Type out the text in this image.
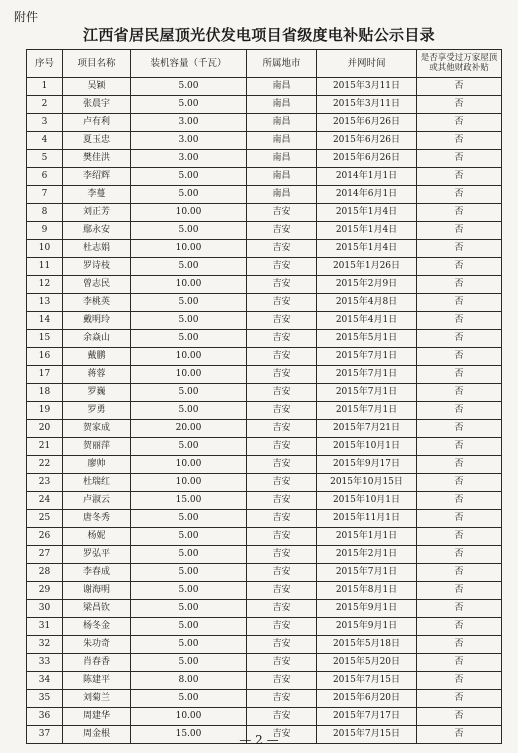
附件
江西省居民屋顶光伏发电项目省级度电补贴公示目录
序号	项目名称	装机容量（千瓦）	所属地市	并网时间	是否享受过万家屋顶或其他财政补贴
1	吴颖	5.00	南昌	2015年3月11日	否
2	张晨宇	5.00	南昌	2015年3月11日	否
3	卢有利	3.00	南昌	2015年6月26日	否
4	夏玉忠	3.00	南昌	2015年6月26日	否
5	樊佳洪	3.00	南昌	2015年6月26日	否
6	李绍辉	5.00	南昌	2014年1月1日	否
7	李蔓	5.00	南昌	2014年6月1日	否
8	刘正芳	10.00	吉安	2015年1月4日	否
9	鄢永安	5.00	吉安	2015年1月4日	否
10	杜志娟	10.00	吉安	2015年1月4日	否
11	罗诗枝	5.00	吉安	2015年1月26日	否
12	曾志民	10.00	吉安	2015年2月9日	否
13	李桃英	5.00	吉安	2015年4月8日	否
14	戴明玲	5.00	吉安	2015年4月1日	否
15	余焱山	5.00	吉安	2015年5月1日	否
16	戴鹏	10.00	吉安	2015年7月1日	否
17	蒋蓉	10.00	吉安	2015年7月1日	否
18	罗巍	5.00	吉安	2015年7月1日	否
19	罗勇	5.00	吉安	2015年7月1日	否
20	贺家成	20.00	吉安	2015年7月21日	否
21	贺丽萍	5.00	吉安	2015年10月1日	否
22	廖帅	10.00	吉安	2015年9月17日	否
23	杜瑞红	10.00	吉安	2015年10月15日	否
24	卢淑云	15.00	吉安	2015年10月1日	否
25	唐冬秀	5.00	吉安	2015年11月1日	否
26	杨妮	5.00	吉安	2015年1月1日	否
27	罗弘平	5.00	吉安	2015年2月1日	否
28	李春成	5.00	吉安	2015年7月1日	否
29	谢海明	5.00	吉安	2015年8月1日	否
30	梁昌钦	5.00	吉安	2015年9月1日	否
31	杨冬金	5.00	吉安	2015年9月1日	否
32	朱功奇	5.00	吉安	2015年5月18日	否
33	肖春香	5.00	吉安	2015年5月20日	否
34	陈建平	8.00	吉安	2015年7月15日	否
35	刘菊兰	5.00	吉安	2015年6月20日	否
36	周建华	10.00	吉安	2015年7月17日	否
37	周金根	15.00	吉安	2015年7月15日	否
— 2 —
